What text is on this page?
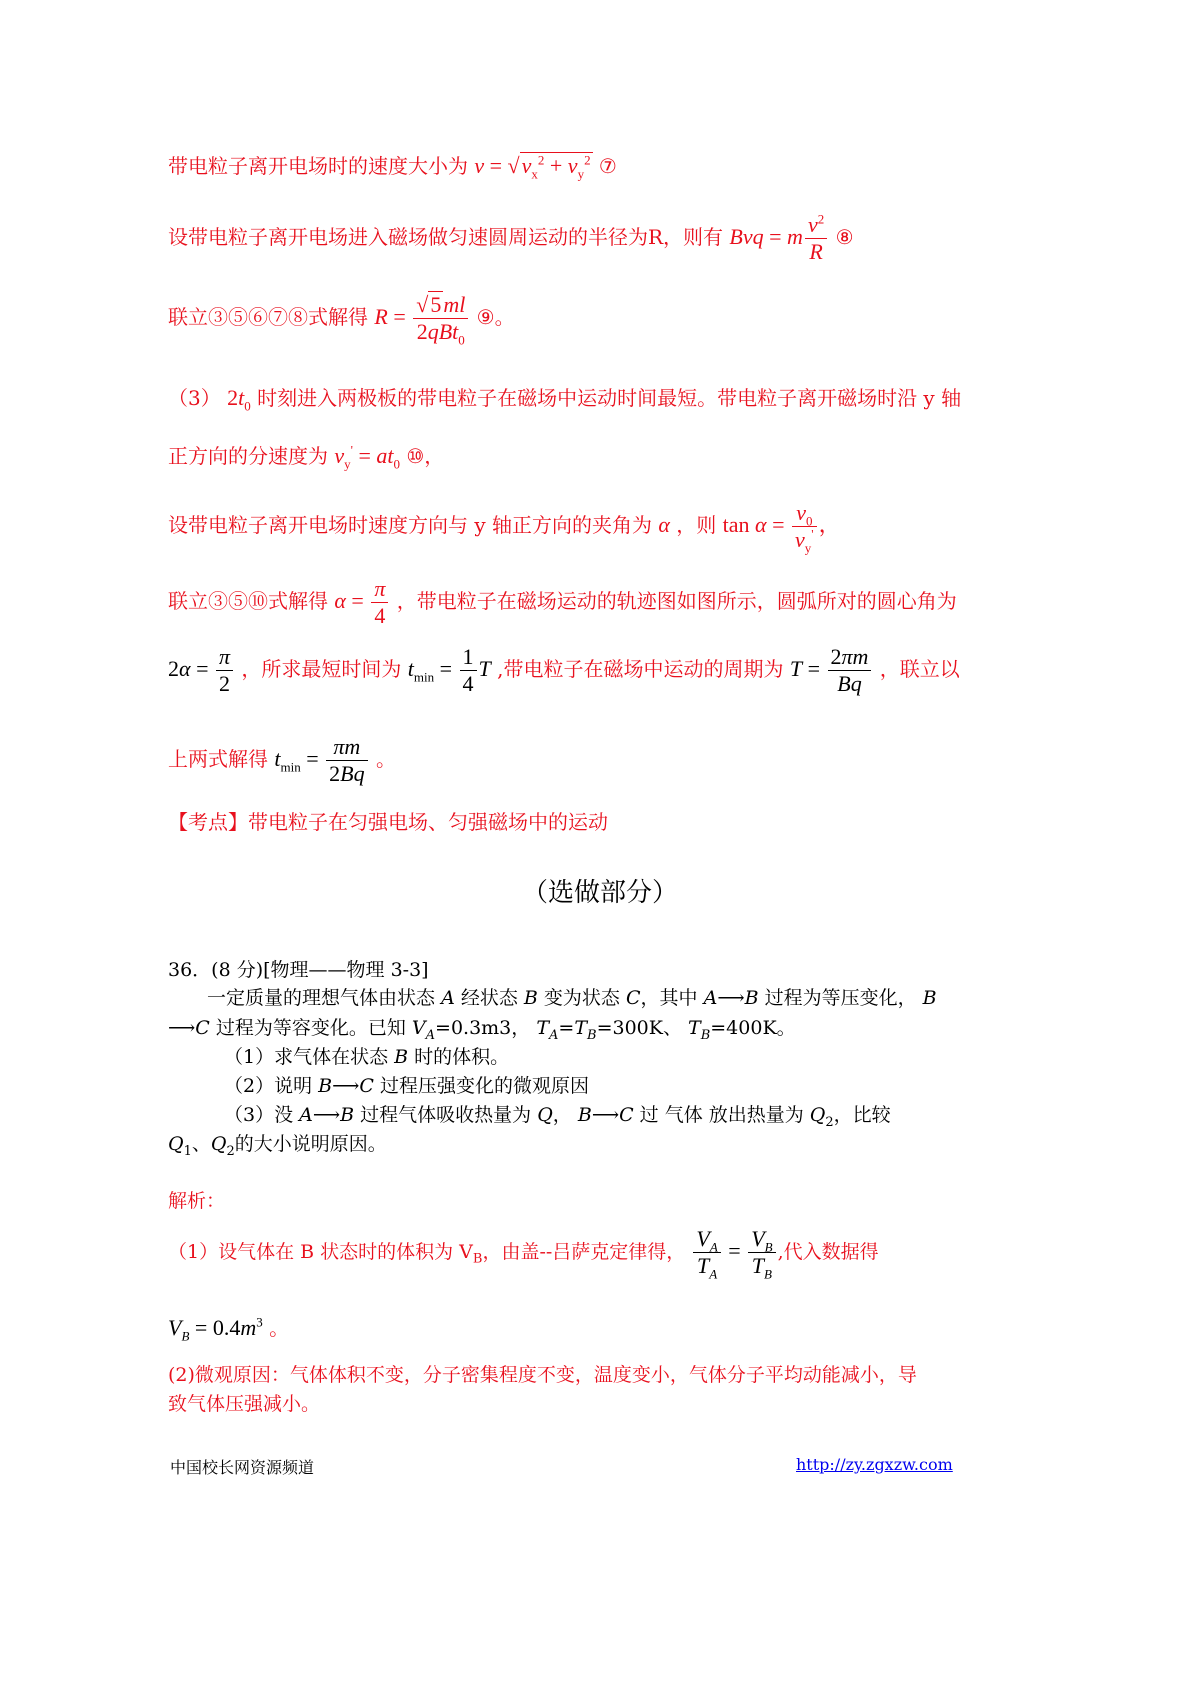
带电粒子离开电场时的速度大小为 $v = √v_x^2 + v_y^2$ ⑦
设带电粒子离开电场进入磁场做匀速圆周运动的半径为R，则有 Bvq = m $\frac{v^2}{R}$ ⑧
联立③⑤⑥⑦⑧式解得 $R = \frac{√5ml}{2qBt_0}$ ⑨。
（3） $2t_0$ 时刻进入两极板的带电粒子在磁场中运动时间最短。带电粒子离开磁场时沿 y 轴
正方向的分速度为 $v_y' = at_0$ ⑩，
设带电粒子离开电场时速度方向与 y 轴正方向的夹角为 α ，则 $\tan \alpha = \frac{v_0}{v_y'}$ ，
联立③⑤⑩式解得 $\alpha = \frac{\pi}{4}$ ，带电粒子在磁场运动的轨迹图如图所示，圆弧所对的圆心角为
$2\alpha = \frac{\pi}{2}$ ，所求最短时间为 $t_{min} = \frac{1}{4}$ T ,带电粒子在磁场中运动的周期为 $T = \frac{2\pi m}{Bq}$ ，联立以
上两式解得 $t_{min} = \frac{\pi m}{2Bq}$ 。
【考点】带电粒子在匀强电场、匀强磁场中的运动
（选做部分）
36．(8 分)[物理——物理 3-3]
一定质量的理想气体由状态 A 经状态 B 变为状态 C，其中 A⟶B 过程为等压变化， B
⟶C 过程为等容变化。已知 $V_A=0.3m3$， $T_A=T_B=300K$、 $T_B=400K$。
（1）求气体在状态 B 时的体积。
（2）说明 B⟶C 过程压强变化的微观原因
（3）没 A⟶B 过程气体吸收热量为 Q， B⟶C 过 气体 放出热量为 $Q_2$，比较
$Q_1$、$Q_2$的大小说明原因。
解析：
（1）设气体在 B 状态时的体积为 $V_B$，由盖--吕萨克定律得， $\frac{V_A}{T_A} = \frac{V_B}{T_B}$ ,代入数据得
$V_B = 0.4m^3$ 。
(2)微观原因：气体体积不变，分子密集程度不变，温度变小，气体分子平均动能减小，导
致气体压强减小。
中国校长网资源频道	http://zy.zgxzw.com
